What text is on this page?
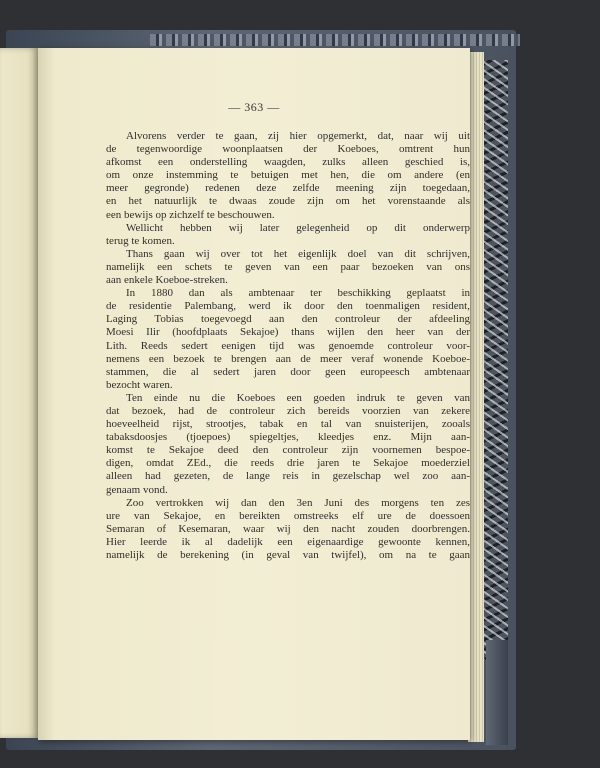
— 363 —

Alvorens verder te gaan, zij hier opgemerkt, dat, naar wij uit
de tegenwoordige woonplaatsen der Koeboes, omtrent hun
afkomst een onderstelling waagden, zulks alleen geschied is,
om onze instemming te betuigen met hen, die om andere (en
meer gegronde) redenen deze zelfde meening zijn toegedaan,
en het natuurlijk te dwaas zoude zijn om het vorenstaande als
een bewijs op zichzelf te beschouwen.

Wellicht hebben wij later gelegenheid op dit onderwerp
terug te komen.

Thans gaan wij over tot het eigenlijk doel van dit schrijven,
namelijk een schets te geven van een paar bezoeken van ons
aan enkele Koeboe-streken.

In 1880 dan als ambtenaar ter beschikking geplaatst in
de residentie Palembang, werd ik door den toenmaligen resident,
Laging Tobias toegevoegd aan den controleur der afdeeling
Moesi Ilir (hoofdplaats Sekajoe) thans wijlen den heer van der
Lith. Reeds sedert eenigen tijd was genoemde controleur voor-
nemens een bezoek te brengen aan de meer veraf wonende Koeboe-
stammen, die al sedert jaren door geen europeesch ambtenaar
bezocht waren.

Ten einde nu die Koeboes een goeden indruk te geven van
dat bezoek, had de controleur zich bereids voorzien van zekere
hoeveelheid rijst, strootjes, tabak en tal van snuisterijen, zooals
tabaksdoosjes (tjoepoes) spiegeltjes, kleedjes enz. Mijn aan-
komst te Sekajoe deed den controleur zijn voornemen bespoe-
digen, omdat ZEd., die reeds drie jaren te Sekajoe moederziel
alleen had gezeten, de lange reis in gezelschap wel zoo aan-
genaam vond.

Zoo vertrokken wij dan den 3en Juni des morgens ten zes
ure van Sekajoe, en bereikten omstreeks elf ure de doessoen
Semaran of Kesemaran, waar wij den nacht zouden doorbrengen.
Hier leerde ik al dadelijk een eigenaardige gewoonte kennen,
namelijk de berekening (in geval van twijfel), om na te gaan
